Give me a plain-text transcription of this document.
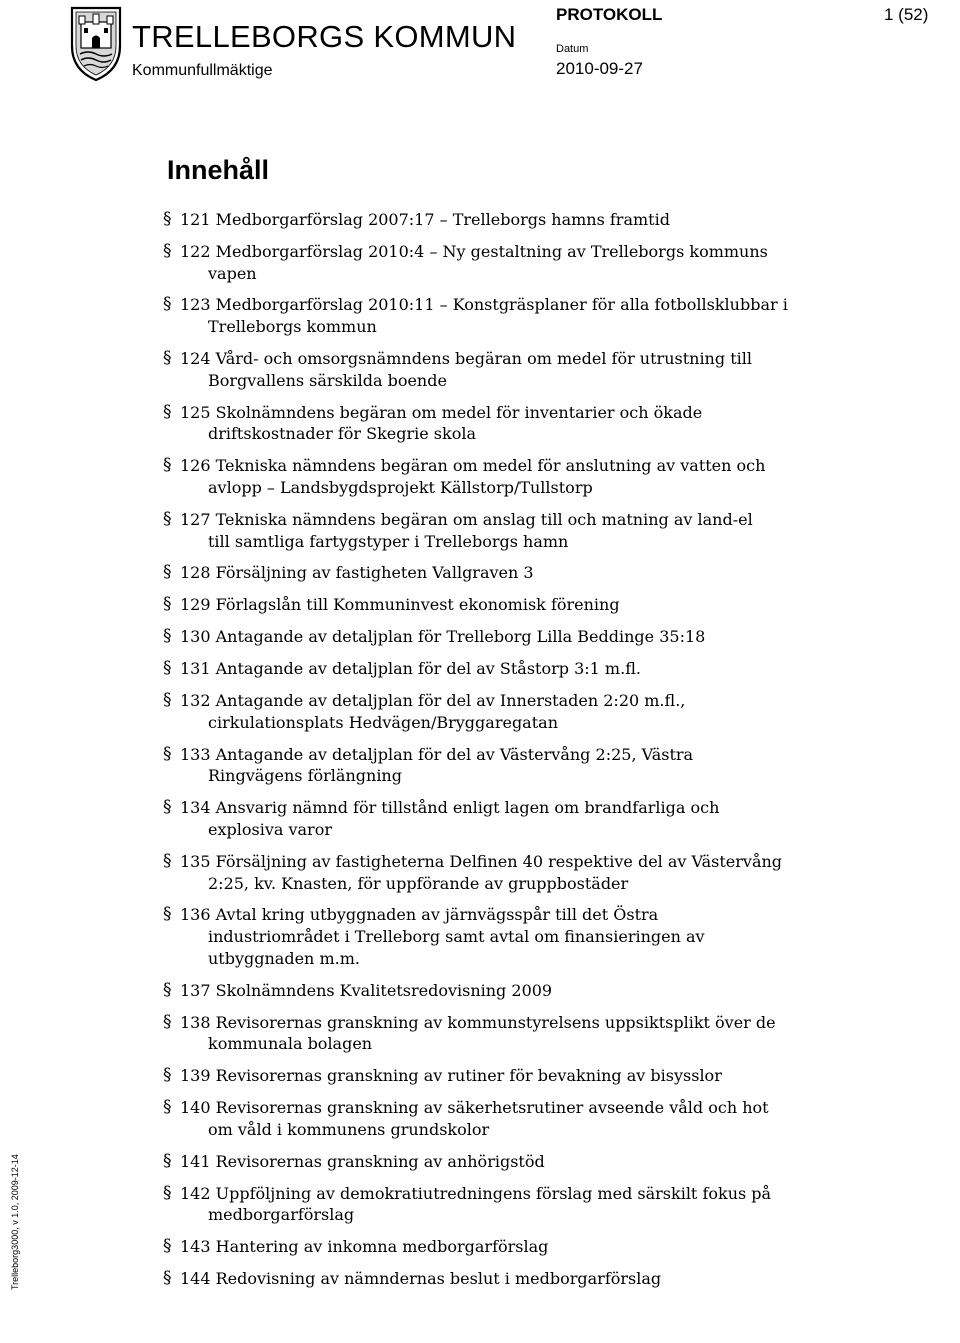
TRELLEBORGS KOMMUN
Kommunfullmäktige
PROTOKOLL	1 (52)
Datum
2010-09-27
Innehåll
§ 121 Medborgarförslag 2007:17 – Trelleborgs hamns framtid
§ 122 Medborgarförslag 2010:4 – Ny gestaltning av Trelleborgs kommuns
vapen
§ 123 Medborgarförslag 2010:11 – Konstgräsplaner för alla fotbollsklubbar i
Trelleborgs kommun
§ 124 Vård- och omsorgsnämndens begäran om medel för utrustning till
Borgvallens särskilda boende
§ 125 Skolnämndens begäran om medel för inventarier och ökade
driftskostnader för Skegrie skola
§ 126 Tekniska nämndens begäran om medel för anslutning av vatten och
avlopp – Landsbygdsprojekt Källstorp/Tullstorp
§ 127 Tekniska nämndens begäran om anslag till och matning av land-el
till samtliga fartygstyper i Trelleborgs hamn
§ 128 Försäljning av fastigheten Vallgraven 3
§ 129 Förlagslån till Kommuninvest ekonomisk förening
§ 130 Antagande av detaljplan för Trelleborg Lilla Beddinge 35:18
§ 131 Antagande av detaljplan för del av Ståstorp 3:1 m.fl.
§ 132 Antagande av detaljplan för del av Innerstaden 2:20 m.fl.,
cirkulationsplats Hedvägen/Bryggaregatan
§ 133 Antagande av detaljplan för del av Västervång 2:25, Västra
Ringvägens förlängning
§ 134 Ansvarig nämnd för tillstånd enligt lagen om brandfarliga och
explosiva varor
§ 135 Försäljning av fastigheterna Delfinen 40 respektive del av Västervång
2:25, kv. Knasten, för uppförande av gruppbostäder
§ 136 Avtal kring utbyggnaden av järnvägsspår till det Östra
industriområdet i Trelleborg samt avtal om finansieringen av
utbyggnaden m.m.
§ 137 Skolnämndens Kvalitetsredovisning 2009
§ 138 Revisorernas granskning av kommunstyrelsens uppsiktsplikt över de
kommunala bolagen
§ 139 Revisorernas granskning av rutiner för bevakning av bisysslor
§ 140 Revisorernas granskning av säkerhetsrutiner avseende våld och hot
om våld i kommunens grundskolor
§ 141 Revisorernas granskning av anhörigstöd
§ 142 Uppföljning av demokratiutredningens förslag med särskilt fokus på
medborgarförslag
§ 143 Hantering av inkomna medborgarförslag
§ 144 Redovisning av nämndernas beslut i medborgarförslag
Trelleborg3000, v 1.0, 2009-12-14
